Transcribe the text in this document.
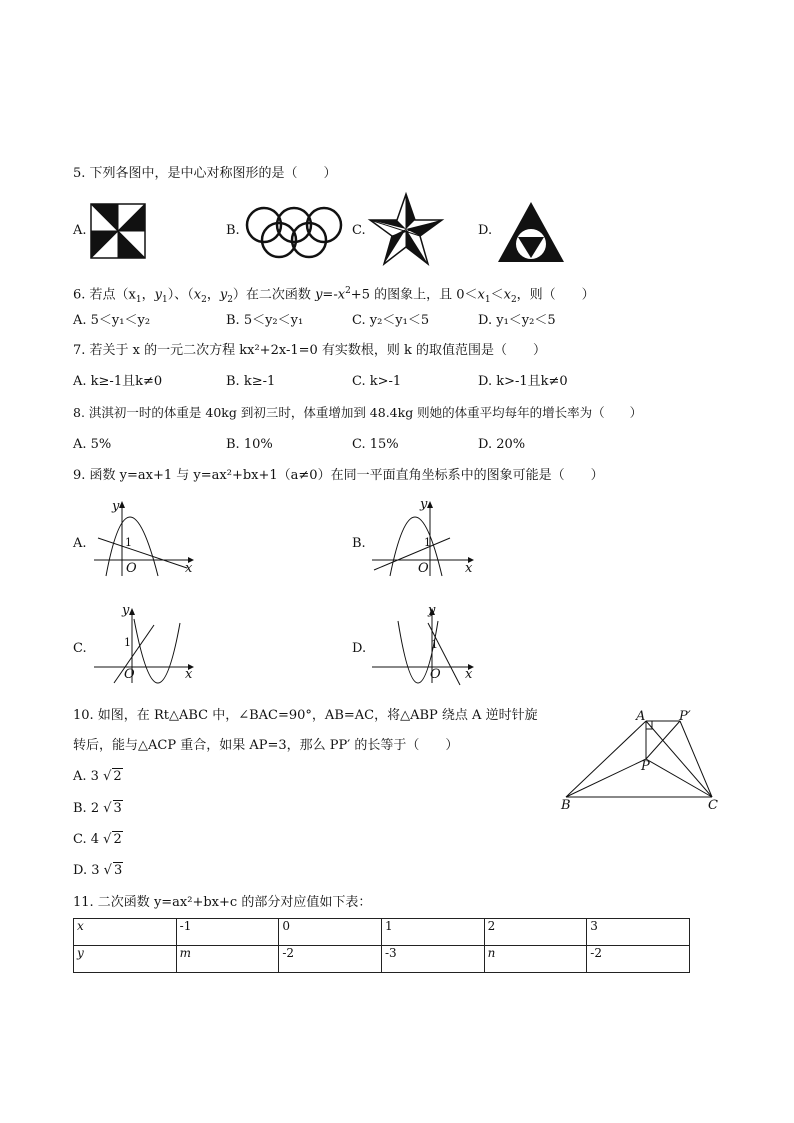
5. 下列各图中，是中心对称图形的是（　　）
A.	B.	C.	D.
6. 若点（$x_1$，$y_1$）、（$x_2$，$y_2$）在二次函数 $y=-x^2+5$ 的图象上，且 $0<x_1<x_2$，则（　　）
A. 5＜y₁＜y₂	B. 5＜y₂＜y₁	C. y₂＜y₁＜5	D. y₁＜y₂＜5
7. 若关于 x 的一元二次方程 kx²+2x-1=0 有实数根，则 k 的取值范围是（　　）
A. k≥-1且k≠0	B. k≥-1	C. k>-1	D. k>-1且k≠0
8. 淇淇初一时的体重是 40kg 到初三时，体重增加到 48.4kg 则她的体重平均每年的增长率为（　　）
A. 5%	B. 10%	C. 15%	D. 20%
9. 函数 y=ax+1 与 y=ax²+bx+1（a≠0）在同一平面直角坐标系中的图象可能是（　　）
A.
y
x
O
1	B.
y
x
O
1
C.
y
x
O
1	D.
y
x
O
1
10. 如图，在 Rt△ABC 中，∠BAC=90°，AB=AC，将△ABP 绕点 A 逆时针旋
转后，能与△ACP 重合，如果 AP=3，那么 PP′ 的长等于（　　）
A. 3 √ 2
B. 2 √ 3
C. 4 √ 2
D. 3 √ 3
A	P′
P
B	C
11. 二次函数 y=ax²+bx+c 的部分对应值如下表：
x	-1	0	1	2	3
y	m	-2	-3	n	-2
